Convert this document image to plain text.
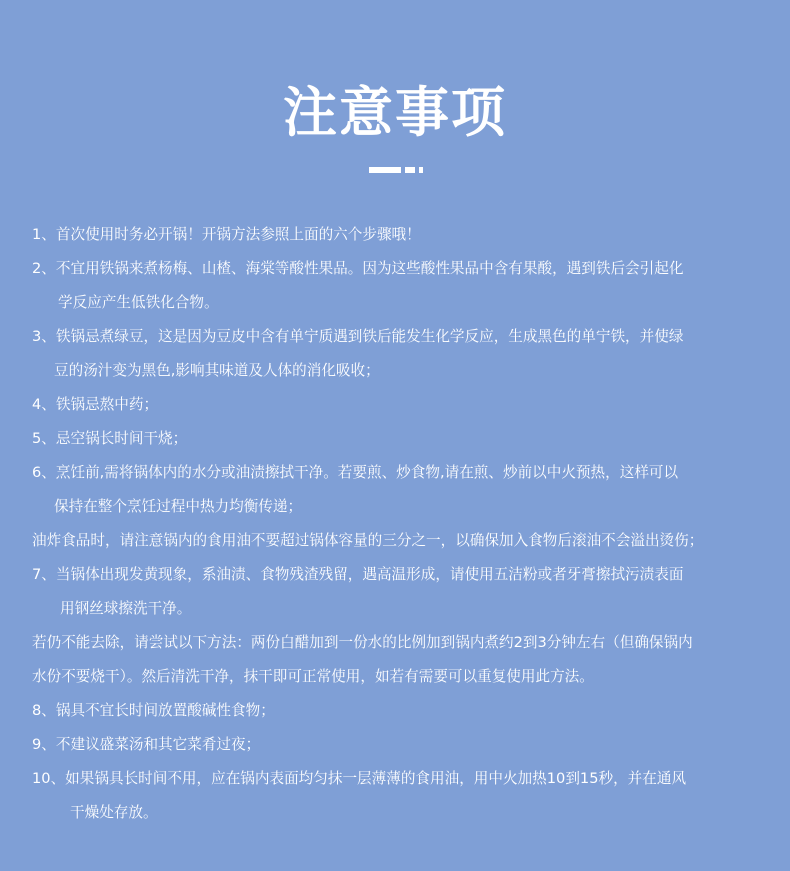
注意事项
1、首次使用时务必开锅！开锅方法参照上面的六个步骤哦！
2、不宜用铁锅来煮杨梅、山楂、海棠等酸性果品。因为这些酸性果品中含有果酸，遇到铁后会引起化
学反应产生低铁化合物。
3、铁锅忌煮绿豆，这是因为豆皮中含有单宁质遇到铁后能发生化学反应，生成黑色的单宁铁，并使绿
豆的汤汁变为黑色,影响其味道及人体的消化吸收；
4、铁锅忌熬中药；
5、忌空锅长时间干烧；
6、烹饪前,需将锅体内的水分或油渍擦拭干净。若要煎、炒食物,请在煎、炒前以中火预热，这样可以
保持在整个烹饪过程中热力均衡传递；
油炸食品时，请注意锅内的食用油不要超过锅体容量的三分之一，以确保加入食物后滚油不会溢出烫伤；
7、当锅体出现发黄现象，系油渍、食物残渣残留，遇高温形成，请使用五洁粉或者牙膏擦拭污渍表面
用钢丝球擦洗干净。
若仍不能去除，请尝试以下方法：两份白醋加到一份水的比例加到锅内煮约2到3分钟左右（但确保锅内
水份不要烧干）。然后清洗干净，抹干即可正常使用，如若有需要可以重复使用此方法。
8、锅具不宜长时间放置酸碱性食物；
9、不建议盛菜汤和其它菜肴过夜；
10、如果锅具长时间不用，应在锅内表面均匀抹一层薄薄的食用油，用中火加热10到15秒，并在通风
干燥处存放。
